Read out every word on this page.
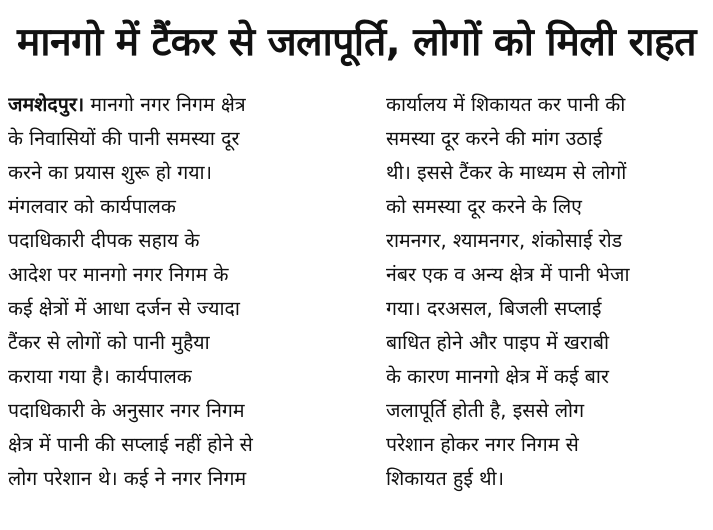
मानगो में टैंकर से जलापूर्ति, लोगों को मिली राहत
जमशेदपुर। मानगो नगर निगम क्षेत्र
के निवासियों की पानी समस्या दूर
करने का प्रयास शुरू हो गया।
मंगलवार को कार्यपालक
पदाधिकारी दीपक सहाय के
आदेश पर मानगो नगर निगम के
कई क्षेत्रों में आधा दर्जन से ज्यादा
टैंकर से लोगों को पानी मुहैया
कराया गया है। कार्यपालक
पदाधिकारी के अनुसार नगर निगम
क्षेत्र में पानी की सप्लाई नहीं होने से
लोग परेशान थे। कई ने नगर निगम
कार्यालय में शिकायत कर पानी की
समस्या दूर करने की मांग उठाई
थी। इससे टैंकर के माध्यम से लोगों
को समस्या दूर करने के लिए
रामनगर, श्यामनगर, शंकोसाई रोड
नंबर एक व अन्य क्षेत्र में पानी भेजा
गया। दरअसल, बिजली सप्लाई
बाधित होने और पाइप में खराबी
के कारण मानगो क्षेत्र में कई बार
जलापूर्ति होती है, इससे लोग
परेशान होकर नगर निगम से
शिकायत हुई थी।
